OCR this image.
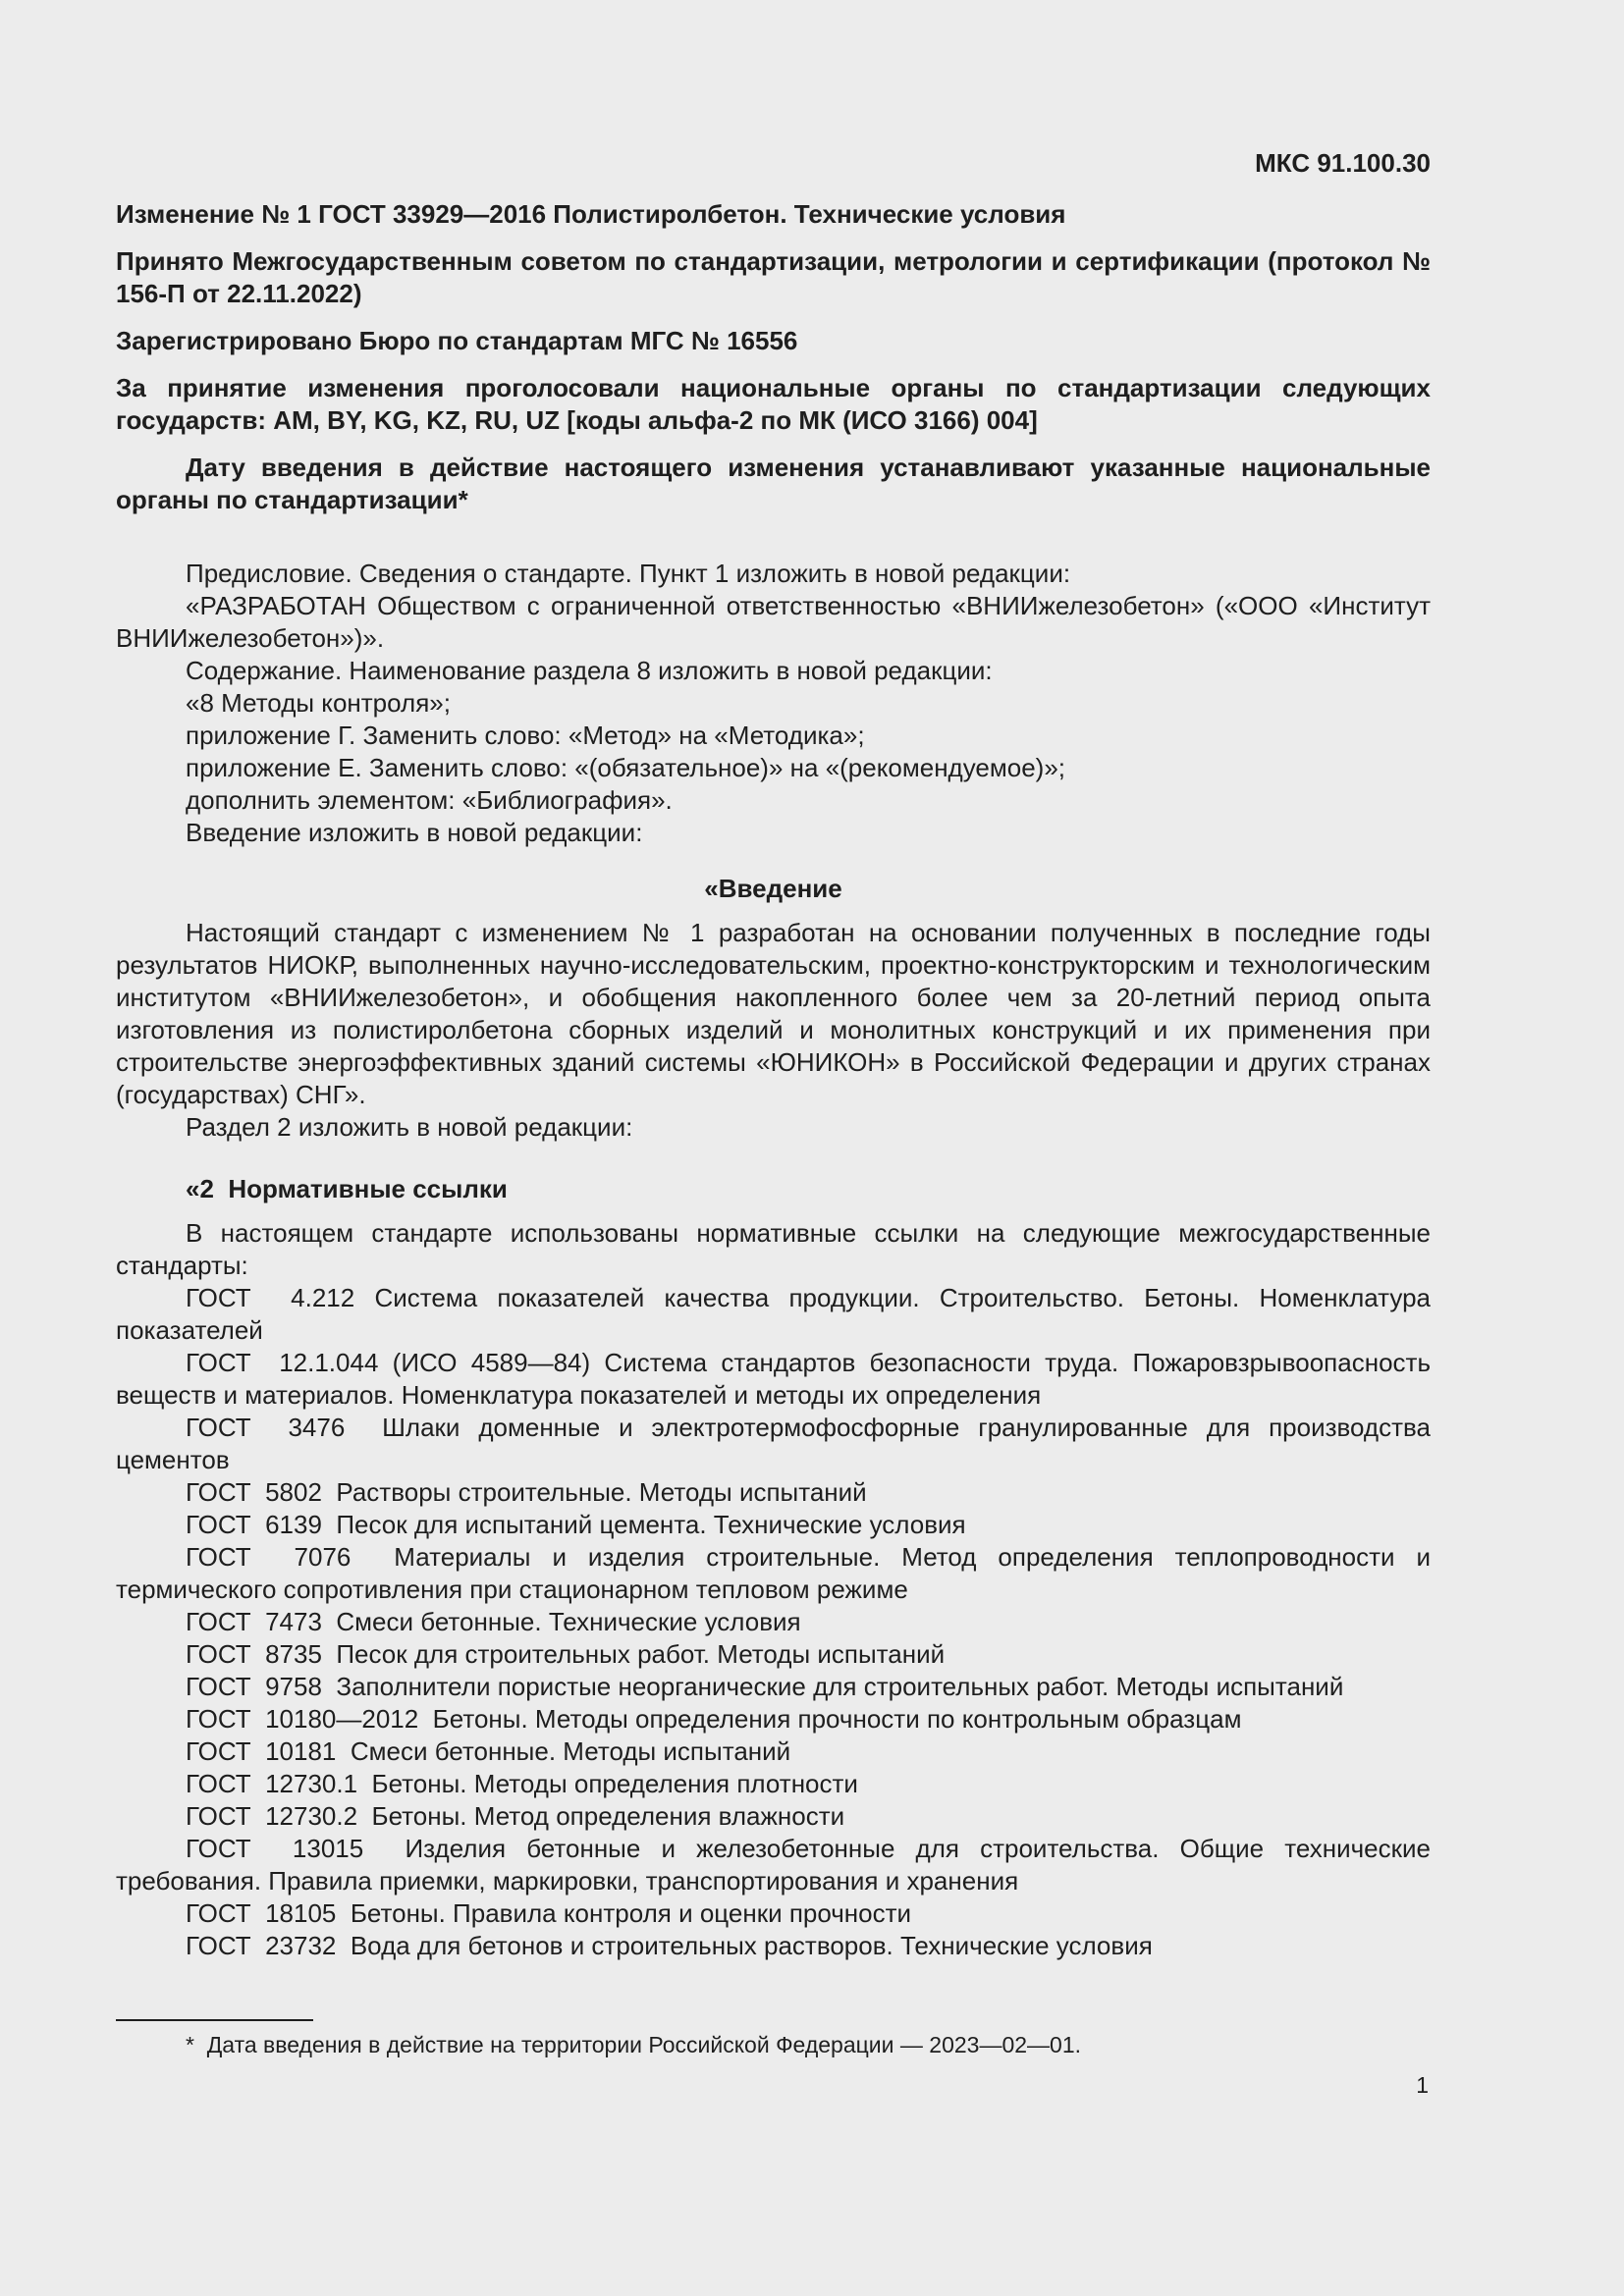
МКС 91.100.30
Изменение № 1 ГОСТ 33929—2016 Полистиролбетон. Технические условия
Принято Межгосударственным советом по стандартизации, метрологии и сертификации (протокол № 156-П от 22.11.2022)
Зарегистрировано Бюро по стандартам МГС № 16556
За принятие изменения проголосовали национальные органы по стандартизации следующих государств: AM, BY, KG, KZ, RU, UZ [коды альфа-2 по МК (ИСО 3166) 004]
Дату введения в действие настоящего изменения устанавливают указанные национальные органы по стандартизации*

Предисловие. Сведения о стандарте. Пункт 1 изложить в новой редакции:

«РАЗРАБОТАН Обществом с ограниченной ответственностью «ВНИИжелезобетон» («ООО «Институт ВНИИжелезобетон»)».

Содержание. Наименование раздела 8 изложить в новой редакции:

«8 Методы контроля»;

приложение Г. Заменить слово: «Метод» на «Методика»;

приложение Е. Заменить слово: «(обязательное)» на «(рекомендуемое)»;

дополнить элементом: «Библиография».

Введение изложить в новой редакции:

«Введение

Настоящий стандарт с изменением № 1 разработан на основании полученных в последние годы результатов НИОКР, выполненных научно-исследовательским, проектно-конструкторским и технологическим институтом «ВНИИжелезобетон», и обобщения накопленного более чем за 20-летний период опыта изготовления из полистиролбетона сборных изделий и монолитных конструкций и их применения при строительстве энергоэффективных зданий системы «ЮНИКОН» в Российской Федерации и других странах (государствах) СНГ».

Раздел 2 изложить в новой редакции:

«2  Нормативные ссылки

В настоящем стандарте использованы нормативные ссылки на следующие межгосударственные стандарты:

ГОСТ  4.212 Система показателей качества продукции. Строительство. Бетоны. Номенклатура показателей

ГОСТ  12.1.044 (ИСО 4589—84) Система стандартов безопасности труда. Пожаровзрывоопасность веществ и материалов. Номенклатура показателей и методы их определения

ГОСТ  3476  Шлаки доменные и электротермофосфорные гранулированные для производства цементов

ГОСТ  5802  Растворы строительные. Методы испытаний

ГОСТ  6139  Песок для испытаний цемента. Технические условия

ГОСТ  7076  Материалы и изделия строительные. Метод определения теплопроводности и термического сопротивления при стационарном тепловом режиме

ГОСТ  7473  Смеси бетонные. Технические условия

ГОСТ  8735  Песок для строительных работ. Методы испытаний

ГОСТ  9758  Заполнители пористые неорганические для строительных работ. Методы испытаний

ГОСТ  10180—2012  Бетоны. Методы определения прочности по контрольным образцам

ГОСТ  10181  Смеси бетонные. Методы испытаний

ГОСТ  12730.1  Бетоны. Методы определения плотности

ГОСТ  12730.2  Бетоны. Метод определения влажности

ГОСТ  13015  Изделия бетонные и железобетонные для строительства. Общие технические требования. Правила приемки, маркировки, транспортирования и хранения

ГОСТ  18105  Бетоны. Правила контроля и оценки прочности

ГОСТ  23732  Вода для бетонов и строительных растворов. Технические условия

*  Дата введения в действие на территории Российской Федерации — 2023—02—01.
1
